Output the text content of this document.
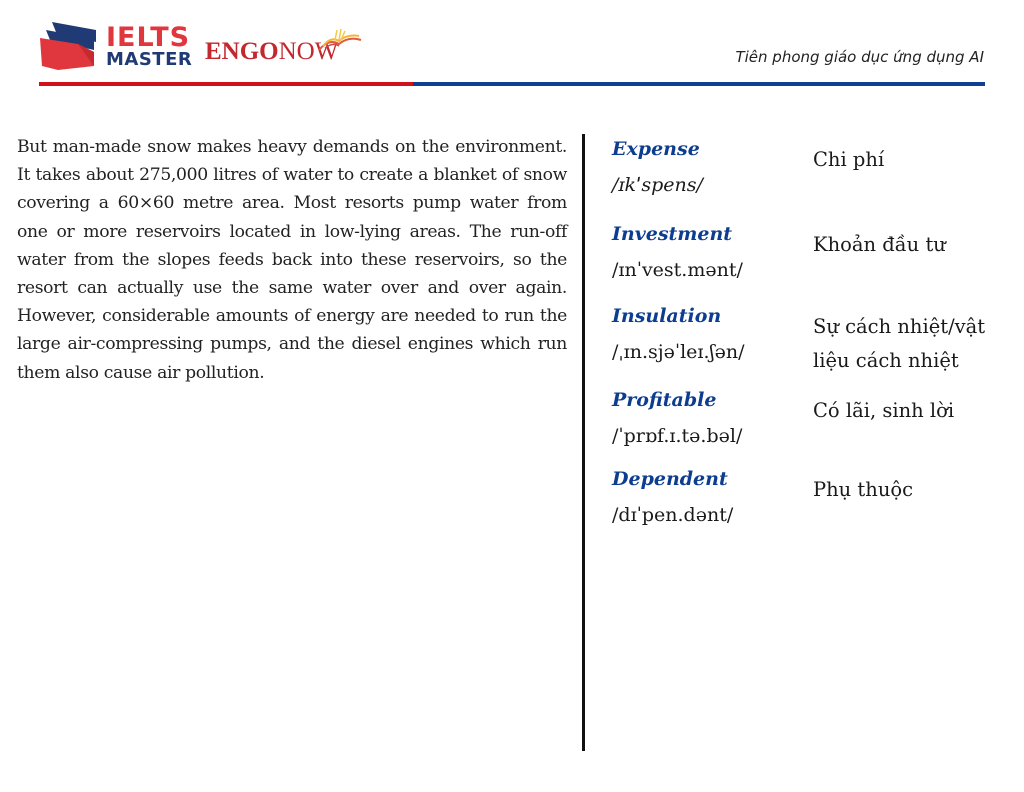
IELTS
MASTER ENGONOW	Tiên phong giáo dục ứng dụng AI
But man-made snow makes heavy demands on the environment. It takes about 275,000 litres of water to create a blanket of snow covering a 60×60 metre area. Most resorts pump water from one or more reservoirs located in low-lying areas. The run-off water from the slopes feeds back into these reservoirs, so the resort can actually use the same water over and over again. However, considerable amounts of energy are needed to run the large air-compressing pumps, and the diesel engines which run them also cause air pollution.
Expense
/ɪkˈspens/
Chi phí
Investment
/ɪnˈvest.mənt/
Khoản đầu tư
Insulation
/ˌɪn.sjəˈleɪ.ʃən/
Sự cách nhiệt/vật liệu cách nhiệt
Profitable
/ˈprɒf.ɪ.tə.bəl/
Có lãi, sinh lời
Dependent
/dɪˈpen.dənt/
Phụ thuộc
